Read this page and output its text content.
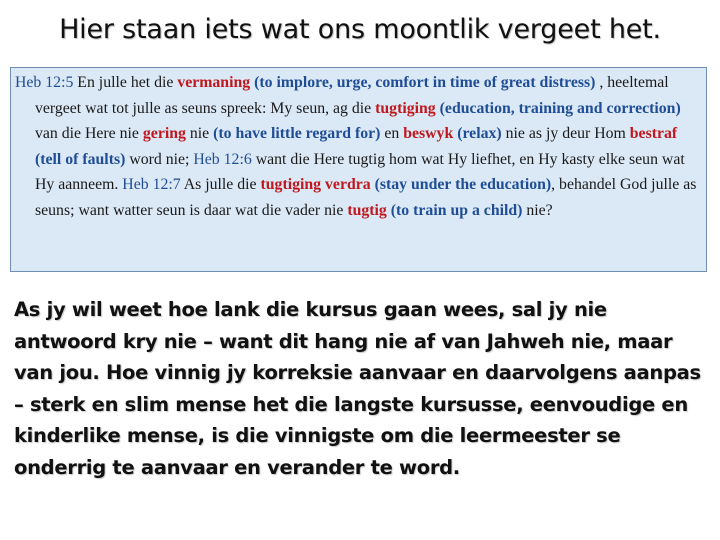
Hier staan iets wat ons moontlik vergeet het.

Heb 12:5 En julle het die vermaning (to implore, urge, comfort in time of great distress) , heeltemal vergeet wat tot julle as seuns spreek: My seun, ag die tugtiging (education, training and correction) van die Here nie gering nie (to have little regard for) en beswyk (relax) nie as jy deur Hom bestraf (tell of faults) word nie; Heb 12:6 want die Here tugtig hom wat Hy liefhet, en Hy kasty elke seun wat Hy aanneem. Heb 12:7 As julle die tugtiging verdra (stay under the education), behandel God julle as seuns; want watter seun is daar wat die vader nie tugtig (to train up a child) nie?

As jy wil weet hoe lank die kursus gaan wees, sal jy nie antwoord kry nie – want dit hang nie af van Jahweh nie, maar van jou. Hoe vinnig jy korreksie aanvaar en daarvolgens aanpas – sterk en slim mense het die langste kursusse, eenvoudige en kinderlike mense, is die vinnigste om die leermeester se onderrig te aanvaar en verander te word.
